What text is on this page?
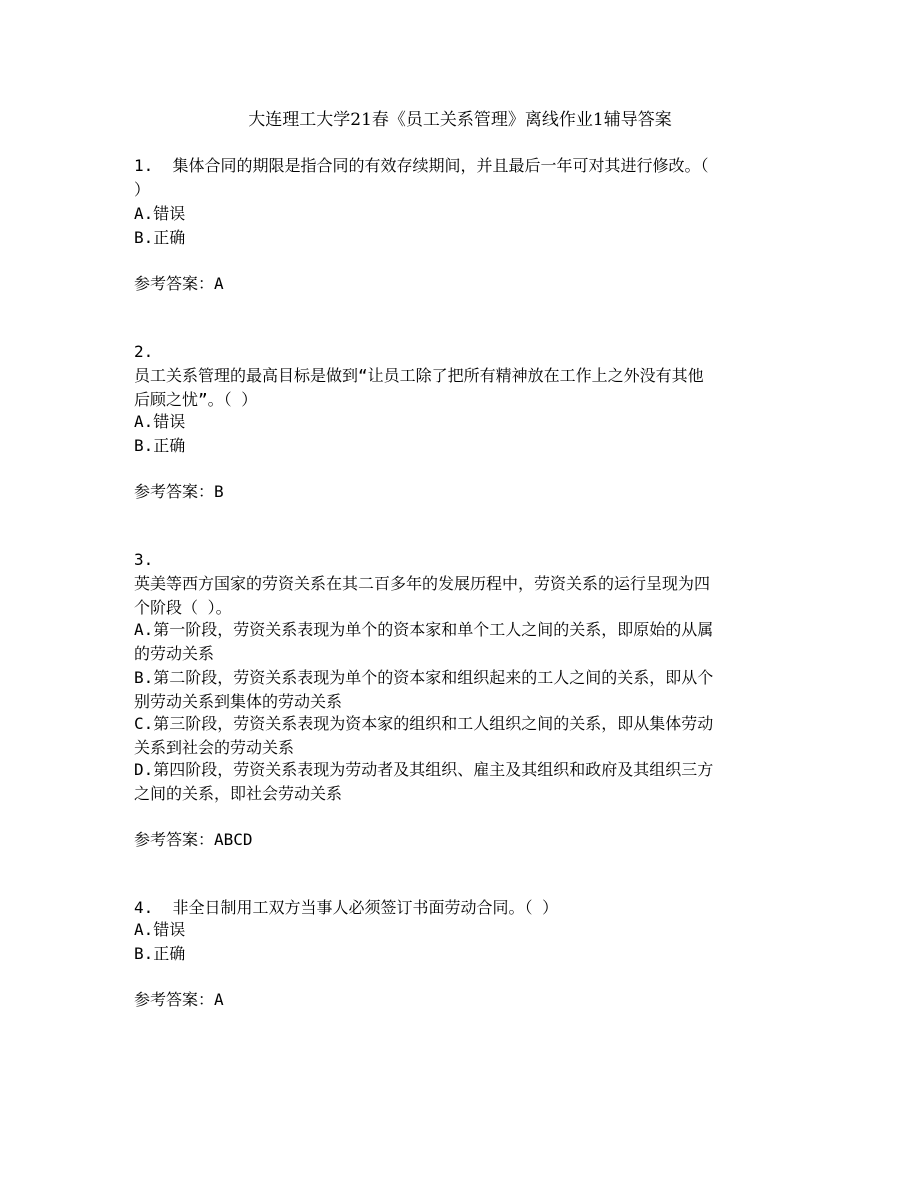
大连理工大学21春《员工关系管理》离线作业1辅导答案
1. 集体合同的期限是指合同的有效存续期间，并且最后一年可对其进行修改。（
）
A.错误
B.正确
参考答案：A
2.
员工关系管理的最高目标是做到“让员工除了把所有精神放在工作上之外没有其他
后顾之忧”。（ ）
A.错误
B.正确
参考答案：B
3.
英美等西方国家的劳资关系在其二百多年的发展历程中，劳资关系的运行呈现为四
个阶段（ ）。
A.第一阶段，劳资关系表现为单个的资本家和单个工人之间的关系，即原始的从属
的劳动关系
B.第二阶段，劳资关系表现为单个的资本家和组织起来的工人之间的关系，即从个
别劳动关系到集体的劳动关系
C.第三阶段，劳资关系表现为资本家的组织和工人组织之间的关系，即从集体劳动
关系到社会的劳动关系
D.第四阶段，劳资关系表现为劳动者及其组织、雇主及其组织和政府及其组织三方
之间的关系，即社会劳动关系
参考答案：ABCD
4. 非全日制用工双方当事人必须签订书面劳动合同。（ ）
A.错误
B.正确
参考答案：A
